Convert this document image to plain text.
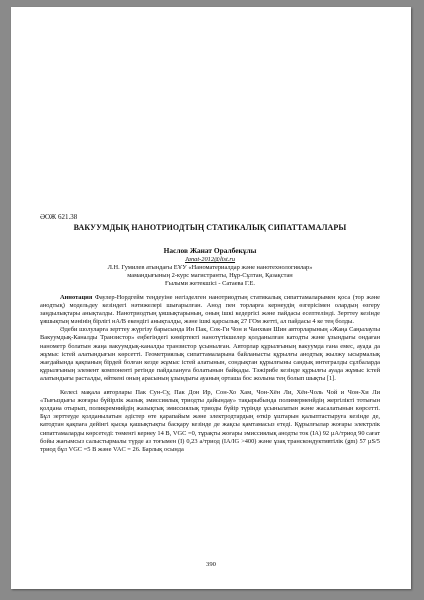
ӘОЖ 621.38

ВАКУУМДЫҚ НАНОТРИОДТЫҢ СТАТИКАЛЫҚ СИПАТТАМАЛАРЫ

Наслов Жанат Оралбекұлы

Janat-2012@list.ru

Л.Н. Гумилев атындағы ЕҰУ «Наноматериалдар және нанотехнологиялар»

мамандығының 2-курс магистранты, Нұр-Сұлтан, Қазақстан

Ғылыми жетекшісі - Сатаева Г.Е.

Аннотация Фаулер-Нордгейм теңдеуіне негізделген нанотриодтың статикалық сипаттамаларымен қоса (тор және анодтық) модельдеу кезіндегі нәтижелері шығарылған. Анод пен торларға кернеудің өзгерісімен олардың өзгеру заңдылықтары анықталды. Нанотриодтың ұяшықтарының, оның ішкі кедергісі және пайдасы есептелінді. Зерттеу кезінде ұяшықтың мәнінің бірлігі нА/В екендігі анықталды, және ішкі қарсылық 27 ГОм жетті, ал пайдасы 4 ке тең болды.

Әдеби шолуларға зерттеу жүргізу барысында Ин Пак, Сок-Ги Чон и Чанхван Шин авторларының «Жаңа Саңылаулы Вакуумдық-Каналды Транзистор» еңбегіндегі көміртекті нанотүтікшелер қолданылған катодты және ұзындығы ондаған нанометр болатын жаңа вакуумдық-каналды транзистор ұсынылған. Авторлар құрылғының вакуумда ғана емес, ауада да жұмыс істей алатындығын көрсетті. Геометриялық сипаттамаларына байланысты құрылғы анодтық жылжу ысырмалық жағдайында қақпаның бірдей болған кезде жұмыс істей алатынын, сондықтан құрылғыны сандық интегралды сұлбаларда құрылғының элемент компоненті ретінде пайдалануға болатынын байқады. Тәжірибе кезінде құрылғы ауада жұмыс істей алатындығы расталды, өйткені оның арасының ұзындығы ауаның орташа бос жолына тең болып шықты [1].

Келесі мақала авторлары Пак Сун-Су, Пак Дон Ир, Сон-Хо Хам, Чон-Хён Ли, Хён-Чоль Чой и Чон-Хи Ли «Тығыздығы жоғары бүйірлік жазық эмиссиялық триодты дайындау» тақырыбында полимерменйдің жергілікті тотығын қолдана отырып, поликремнийдің жазықтық эмиссиялық триоды бүйір түрінде ұсынылатын және жасалатынын көрсетті. Бұл зерттеуде қолданылатын әдістер өте қарапайым және электродтардың өткір ұштарын қалыптастыруға кезінде де, катодтан қақпаға дейінгі қысқа қашықтықты басқару кезінде де жақсы қамтамасыз етеді. Құрылғылар жоғары электрлік сипаттамаларды көрсетеді: төменгі кернеу 14 В, VGC =0, тұрақты жоғары эмиссиялық анодты ток (IA) 92 µA/триод 90 сағат бойы жағымсыз салыстырмалы түрде аз тоғымен (I) 0,23 а/триод (IA/IG >400) және ұзақ транскондуктивтілік (gm) 57 µS/5 триод бұл VGC =5 В және VAC = 26. Барлық осында

390
